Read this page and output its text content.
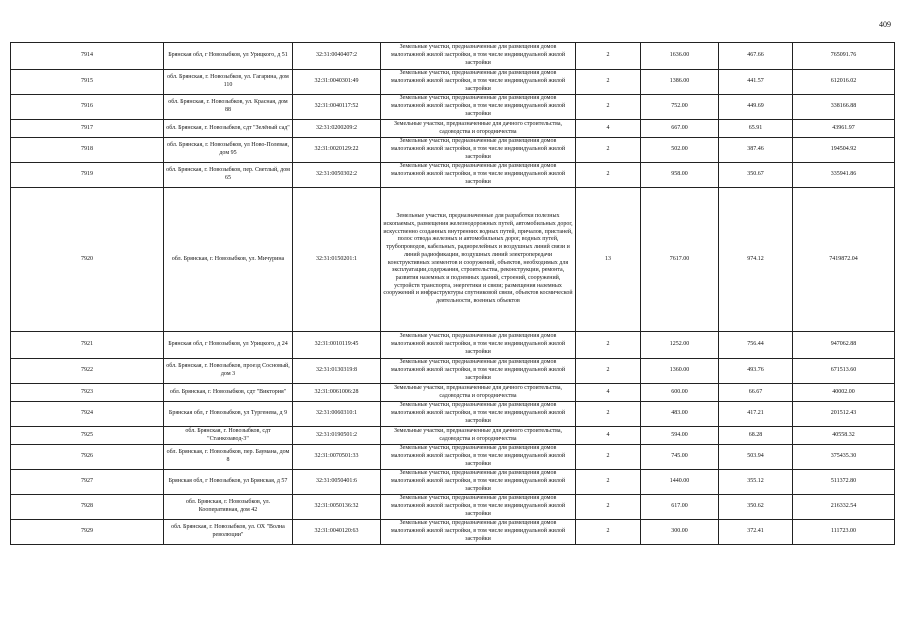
409
7914	Брянская обл, г Новозыбков, ул Урицкого, д 51	32:31:0040407:2	Земельные участки, предназначенные для размещения домов малоэтажной жилой застройки, в том числе индивидуальной жилой застройки	2	1636.00	467.66	765091.76
7915	обл. Брянская, г. Новозыбков, ул. Гагарина, дом 110	32:31:0040301:49	Земельные участки, предназначенные для размещения домов малоэтажной жилой застройки, в том числе индивидуальной жилой застройки	2	1386.00	441.57	612016.02
7916	обл. Брянская, г. Новозыбков, ул. Красная, дом 88	32:31:0040117:52	Земельные участки, предназначенные для размещения домов малоэтажной жилой застройки, в том числе индивидуальной жилой застройки	2	752.00	449.69	338166.88
7917	обл. Брянская, г. Новозыбков, сдт "Зелёный сад"	32:31:0200209:2	Земельные участки, предназначенные для дачного строительства, садоводства и огородничества	4	667.00	65.91	43961.97
7918	обл. Брянская, г. Новозыбков, ул Ново-Полевая, дом 95	32:31:0020129:22	Земельные участки, предназначенные для размещения домов малоэтажной жилой застройки, в том числе индивидуальной жилой застройки	2	502.00	387.46	194504.92
7919	обл. Брянская, г. Новозыбков, пер. Светлый, дом 65	32:31:0050302:2	Земельные участки, предназначенные для размещения домов малоэтажной жилой застройки, в том числе индивидуальной жилой застройки	2	958.00	350.67	335941.86
7920	обл. Брянская, г. Новозыбков, ул. Мичурина	32:31:0150201:1	Земельные участки, предназначенные для разработки полезных ископаемых, размещения железнодорожных путей, автомобильных дорог, искусственно созданных внутренних водных путей, причалов, пристаней, полос отвода железных и автомобильных дорог, водных путей, трубопроводов, кабельных, радиорелейных и воздушных линий связи и линий радиофикации, воздушных линий электропередачи конструктивных элементов и сооружений, объектов, необходимых для эксплуатации,содержания, строительства, реконструкции, ремонта, развития наземных и подземных зданий, строений, сооружений, устройств транспорта, энергетики и связи; размещения наземных сооружений и инфраструктуры спутниковой связи, объектов космической деятельности, военных объектов	13	7617.00	974.12	7419872.04
7921	Брянская обл, г Новозыбков, ул Урицкого, д 24	32:31:0010119:45	Земельные участки, предназначенные для размещения домов малоэтажной жилой застройки, в том числе индивидуальной жилой застройки	2	1252.00	756.44	947062.88
7922	обл. Брянская, г. Новозыбков, проезд Сосновый, дом 3	32:31:0130319:8	Земельные участки, предназначенные для размещения домов малоэтажной жилой застройки, в том числе индивидуальной жилой застройки	2	1360.00	493.76	671513.60
7923	обл. Брянская, г. Новозыбков, сдт "Виктория"	32:31:0061006:28	Земельные участки, предназначенные для дачного строительства, садоводства и огородничества	4	600.00	66.67	40002.00
7924	Брянская обл, г Новозыбков, ул Тургенева, д 9	32:31:0060310:1	Земельные участки, предназначенные для размещения домов малоэтажной жилой застройки, в том числе индивидуальной жилой застройки	2	483.00	417.21	201512.43
7925	обл. Брянская, г. Новозыбков, сдт "Станкозавод-3"	32:31:0190501:2	Земельные участки, предназначенные для дачного строительства, садоводства и огородничества	4	594.00	68.28	40558.32
7926	обл. Брянская, г. Новозыбков, пер. Баумана, дом 8	32:31:0070501:33	Земельные участки, предназначенные для размещения домов малоэтажной жилой застройки, в том числе индивидуальной жилой застройки	2	745.00	503.94	375435.30
7927	Брянская обл, г Новозыбков, ул Брянская, д 57	32:31:0050401:6	Земельные участки, предназначенные для размещения домов малоэтажной жилой застройки, в том числе индивидуальной жилой застройки	2	1440.00	355.12	511372.80
7928	обл. Брянская, г. Новозыбков, ул. Кооперативная, дом 42	32:31:0050136:32	Земельные участки, предназначенные для размещения домов малоэтажной жилой застройки, в том числе индивидуальной жилой застройки	2	617.00	350.62	216332.54
7929	обл. Брянская, г. Новозыбков, ул. ОХ "Волна революции"	32:31:0040120:63	Земельные участки, предназначенные для размещения домов малоэтажной жилой застройки, в том числе индивидуальной жилой застройки	2	300.00	372.41	111723.00
